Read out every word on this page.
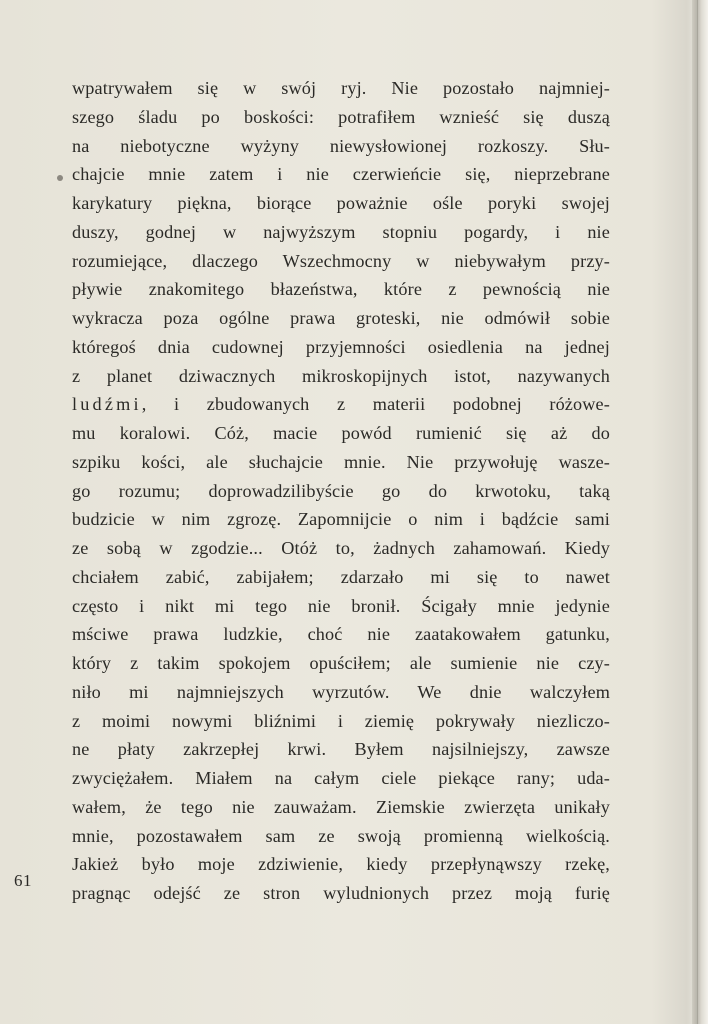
wpatrywałem się w swój ryj. Nie pozostało najmniej-
szego śladu po boskości: potrafiłem wznieść się duszą
na niebotyczne wyżyny niewysłowionej rozkoszy. Słu-
chajcie mnie zatem i nie czerwieńcie się, nieprzebrane
karykatury piękna, biorące poważnie ośle poryki swojej
duszy, godnej w najwyższym stopniu pogardy, i nie
rozumiejące, dlaczego Wszechmocny w niebywałym przy-
pływie znakomitego błazeństwa, które z pewnością nie
wykracza poza ogólne prawa groteski, nie odmówił sobie
któregoś dnia cudownej przyjemności osiedlenia na jednej
z planet dziwacznych mikroskopijnych istot, nazywanych
ludźmi, i zbudowanych z materii podobnej różowe-
mu koralowi. Cóż, macie powód rumienić się aż do
szpiku kości, ale słuchajcie mnie. Nie przywołuję wasze-
go rozumu; doprowadzilibyście go do krwotoku, taką
budzicie w nim zgrozę. Zapomnijcie o nim i bądźcie sami
ze sobą w zgodzie... Otóż to, żadnych zahamowań. Kiedy
chciałem zabić, zabijałem; zdarzało mi się to nawet
często i nikt mi tego nie bronił. Ścigały mnie jedynie
mściwe prawa ludzkie, choć nie zaatakowałem gatunku,
który z takim spokojem opuściłem; ale sumienie nie czy-
niło mi najmniejszych wyrzutów. We dnie walczyłem
z moimi nowymi bliźnimi i ziemię pokrywały niezliczo-
ne płaty zakrzepłej krwi. Byłem najsilniejszy, zawsze
zwyciężałem. Miałem na całym ciele piekące rany; uda-
wałem, że tego nie zauważam. Ziemskie zwierzęta unikały
mnie, pozostawałem sam ze swoją promienną wielkością.
Jakież było moje zdziwienie, kiedy przepłynąwszy rzekę,
pragnąc odejść ze stron wyludnionych przez moją furię
61
